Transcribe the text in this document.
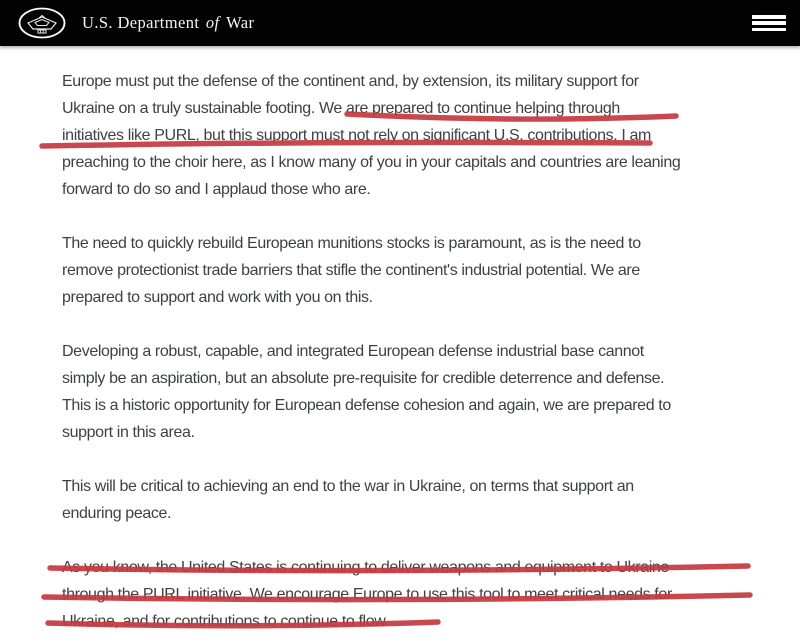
U.S. Department of War

Europe must put the defense of the continent and, by extension, its military support for
Ukraine on a truly sustainable footing. We are prepared to continue helping through
initiatives like PURL, but this support must not rely on significant U.S. contributions. I am
preaching to the choir here, as I know many of you in your capitals and countries are leaning
forward to do so and I applaud those who are.

The need to quickly rebuild European munitions stocks is paramount, as is the need to
remove protectionist trade barriers that stifle the continent's industrial potential. We are
prepared to support and work with you on this.

Developing a robust, capable, and integrated European defense industrial base cannot
simply be an aspiration, but an absolute pre-requisite for credible deterrence and defense.
This is a historic opportunity for European defense cohesion and again, we are prepared to
support in this area.

This will be critical to achieving an end to the war in Ukraine, on terms that support an
enduring peace.

As you know, the United States is continuing to deliver weapons and equipment to Ukraine
through the PURL initiative. We encourage Europe to use this tool to meet critical needs for
Ukraine, and for contributions to continue to flow.
